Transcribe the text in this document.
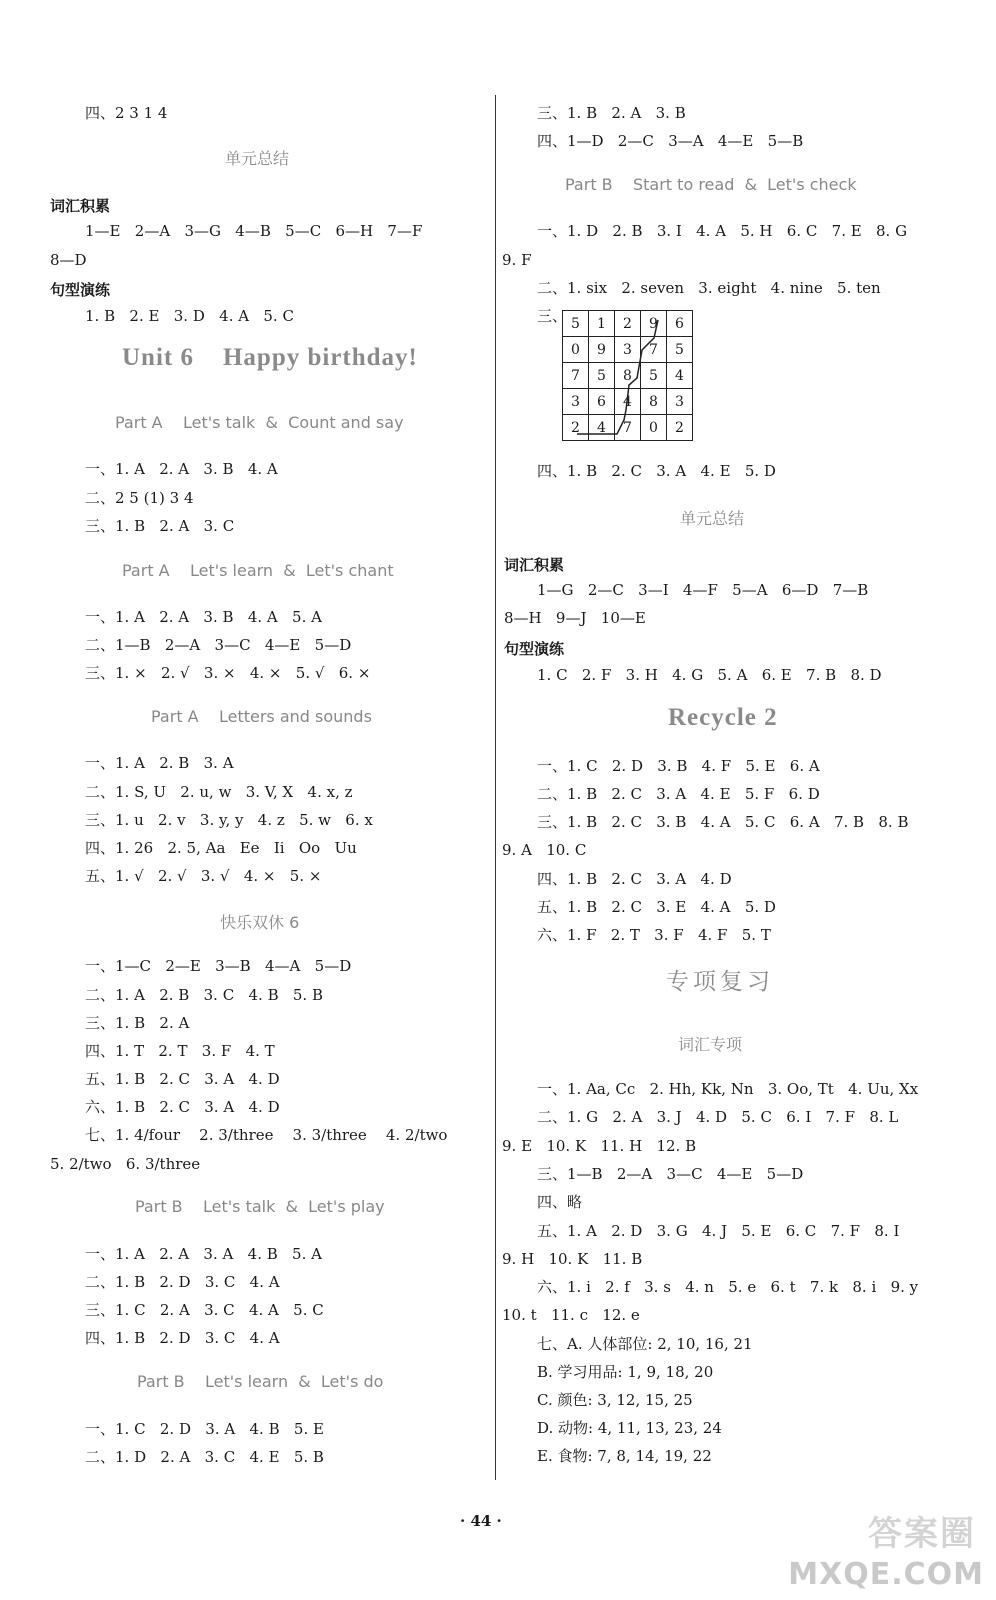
四、2 3 1 4
单元总结
词汇积累
1—E   2—A   3—G   4—B   5—C   6—H   7—F
8—D
句型演练
1. B   2. E   3. D   4. A   5. C
Unit 6    Happy birthday!
Part A    Let's talk  &  Count and say
一、1. A   2. A   3. B   4. A
二、2 5 (1) 3 4
三、1. B   2. A   3. C
Part A    Let's learn  &  Let's chant
一、1. A   2. A   3. B   4. A   5. A
二、1—B   2—A   3—C   4—E   5—D
三、1. ×   2. √   3. ×   4. ×   5. √   6. ×
Part A    Letters and sounds
一、1. A   2. B   3. A
二、1. S, U   2. u, w   3. V, X   4. x, z
三、1. u   2. v   3. y, y   4. z   5. w   6. x
四、1. 26   2. 5, Aa   Ee   Ii   Oo   Uu
五、1. √   2. √   3. √   4. ×   5. ×
快乐双休 6
一、1—C   2—E   3—B   4—A   5—D
二、1. A   2. B   3. C   4. B   5. B
三、1. B   2. A
四、1. T   2. T   3. F   4. T
五、1. B   2. C   3. A   4. D
六、1. B   2. C   3. A   4. D
七、1. 4/four    2. 3/three    3. 3/three    4. 2/two
5. 2/two   6. 3/three
Part B    Let's talk  &  Let's play
一、1. A   2. A   3. A   4. B   5. A
二、1. B   2. D   3. C   4. A
三、1. C   2. A   3. C   4. A   5. C
四、1. B   2. D   3. C   4. A
Part B    Let's learn  &  Let's do
一、1. C   2. D   3. A   4. B   5. E
二、1. D   2. A   3. C   4. E   5. B
三、1. B   2. A   3. B
四、1—D   2—C   3—A   4—E   5—B
Part B    Start to read  &  Let's check
一、1. D   2. B   3. I   4. A   5. H   6. C   7. E   8. G
9. F
二、1. six   2. seven   3. eight   4. nine   5. ten
三、 5	1	2	9	6
0	9	3	7	5
7	5	8	5	4
3	6	4	8	3
2	4	7	0	2
四、1. B   2. C   3. A   4. E   5. D
单元总结
词汇积累
1—G   2—C   3—I   4—F   5—A   6—D   7—B
8—H   9—J   10—E
句型演练
1. C   2. F   3. H   4. G   5. A   6. E   7. B   8. D
Recycle 2
一、1. C   2. D   3. B   4. F   5. E   6. A
二、1. B   2. C   3. A   4. E   5. F   6. D
三、1. B   2. C   3. B   4. A   5. C   6. A   7. B   8. B
9. A   10. C
四、1. B   2. C   3. A   4. D
五、1. B   2. C   3. E   4. A   5. D
六、1. F   2. T   3. F   4. F   5. T
专项复习
词汇专项
一、1. Aa, Cc   2. Hh, Kk, Nn   3. Oo, Tt   4. Uu, Xx
二、1. G   2. A   3. J   4. D   5. C   6. I   7. F   8. L
9. E   10. K   11. H   12. B
三、1—B   2—A   3—C   4—E   5—D
四、略
五、1. A   2. D   3. G   4. J   5. E   6. C   7. F   8. I
9. H   10. K   11. B
六、1. i   2. f   3. s   4. n   5. e   6. t   7. k   8. i   9. y
10. t   11. c   12. e
七、A. 人体部位: 2, 10, 16, 21
B. 学习用品: 1, 9, 18, 20
C. 颜色: 3, 12, 15, 25
D. 动物: 4, 11, 13, 23, 24
E. 食物: 7, 8, 14, 19, 22
· 44 ·	答案圈
MXQE.COM
